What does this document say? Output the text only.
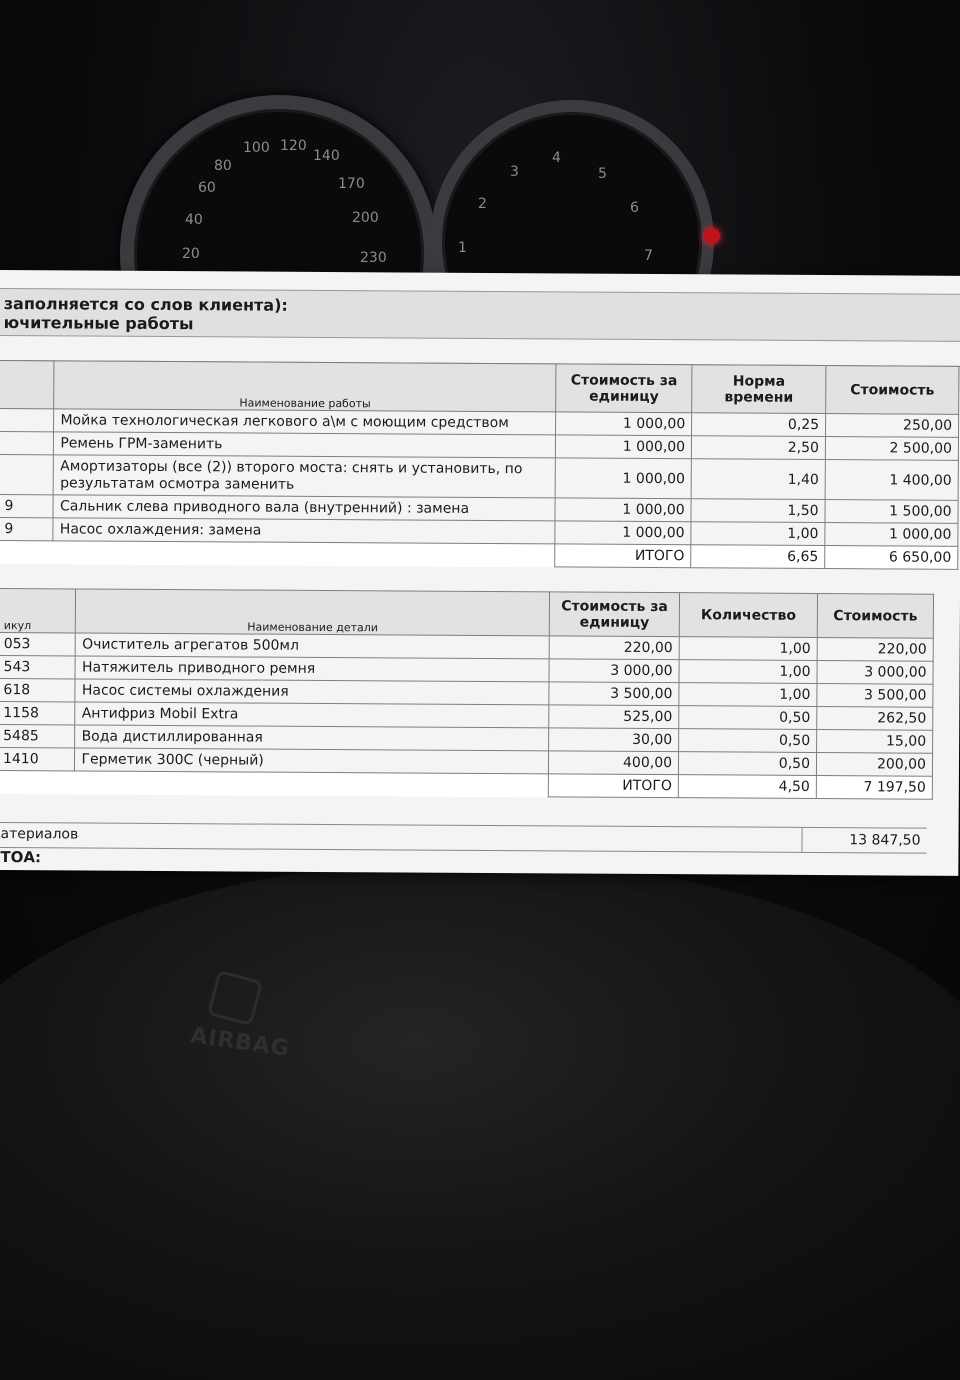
20
40
60
80
100 120
140
170
200
230
1
2
3
4
5
6
7
AIRBAG
заполняется со слов клиента):
ючительные работы
	Наименование работы	Стоимость за единицу	Норма времени	Стоимость
	Мойка технологическая легкового а\м с моющим средством	1 000,00	0,25	250,00
	Ремень ГРМ-заменить	1 000,00	2,50	2 500,00
	Амортизаторы (все (2)) второго моста: снять и установить, по результатам осмотра заменить	1 000,00	1,40	1 400,00
9	Сальник слева приводного вала (внутренний) : замена	1 000,00	1,50	1 500,00
9	Насос охлаждения: замена	1 000,00	1,00	1 000,00
		ИТОГО	6,65	6 650,00
икул	Наименование детали	Стоимость за единицу	Количество	Стоимость
053	Очиститель агрегатов 500мл	220,00	1,00	220,00
543	Натяжитель приводного ремня	3 000,00	1,00	3 000,00
618	Насос системы охлаждения	3 500,00	1,00	3 500,00
1158	Антифриз Mobil Extra	525,00	0,50	262,50
5485	Вода дистиллированная	30,00	0,50	15,00
1410	Герметик 300С (черный)	400,00	0,50	200,00
		ИТОГО	4,50	7 197,50
атериалов	13 847,50
ТОА:
